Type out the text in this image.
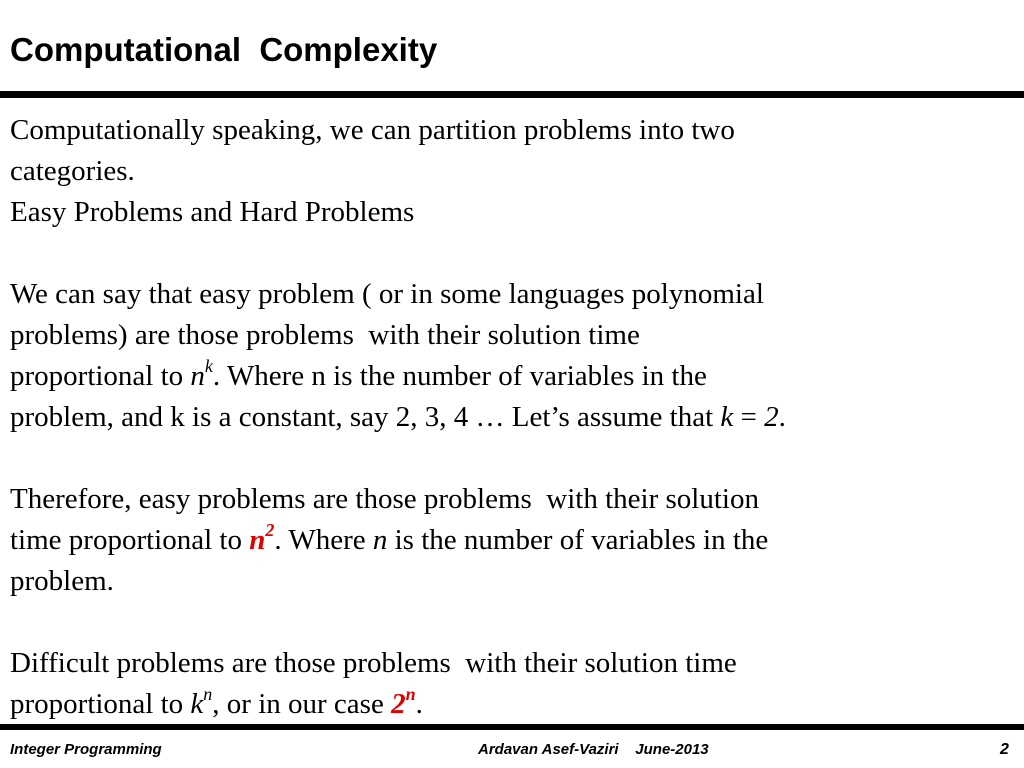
Computational  Complexity
Computationally speaking, we can partition problems into two
categories.
Easy Problems and Hard Problems
We can say that easy problem ( or in some languages polynomial
problems) are those problems  with their solution time
proportional to $n^k$. Where n is the number of variables in the
problem, and k is a constant, say 2, 3, 4 … Let’s assume that k = 2.
Therefore, easy problems are those problems  with their solution
time proportional to $n^2$. Where n is the number of variables in the
problem.
Difficult problems are those problems  with their solution time
proportional to $k^n$, or in our case 2$^n$.
Integer Programming	Ardavan Asef-Vaziri    June-2013	2
